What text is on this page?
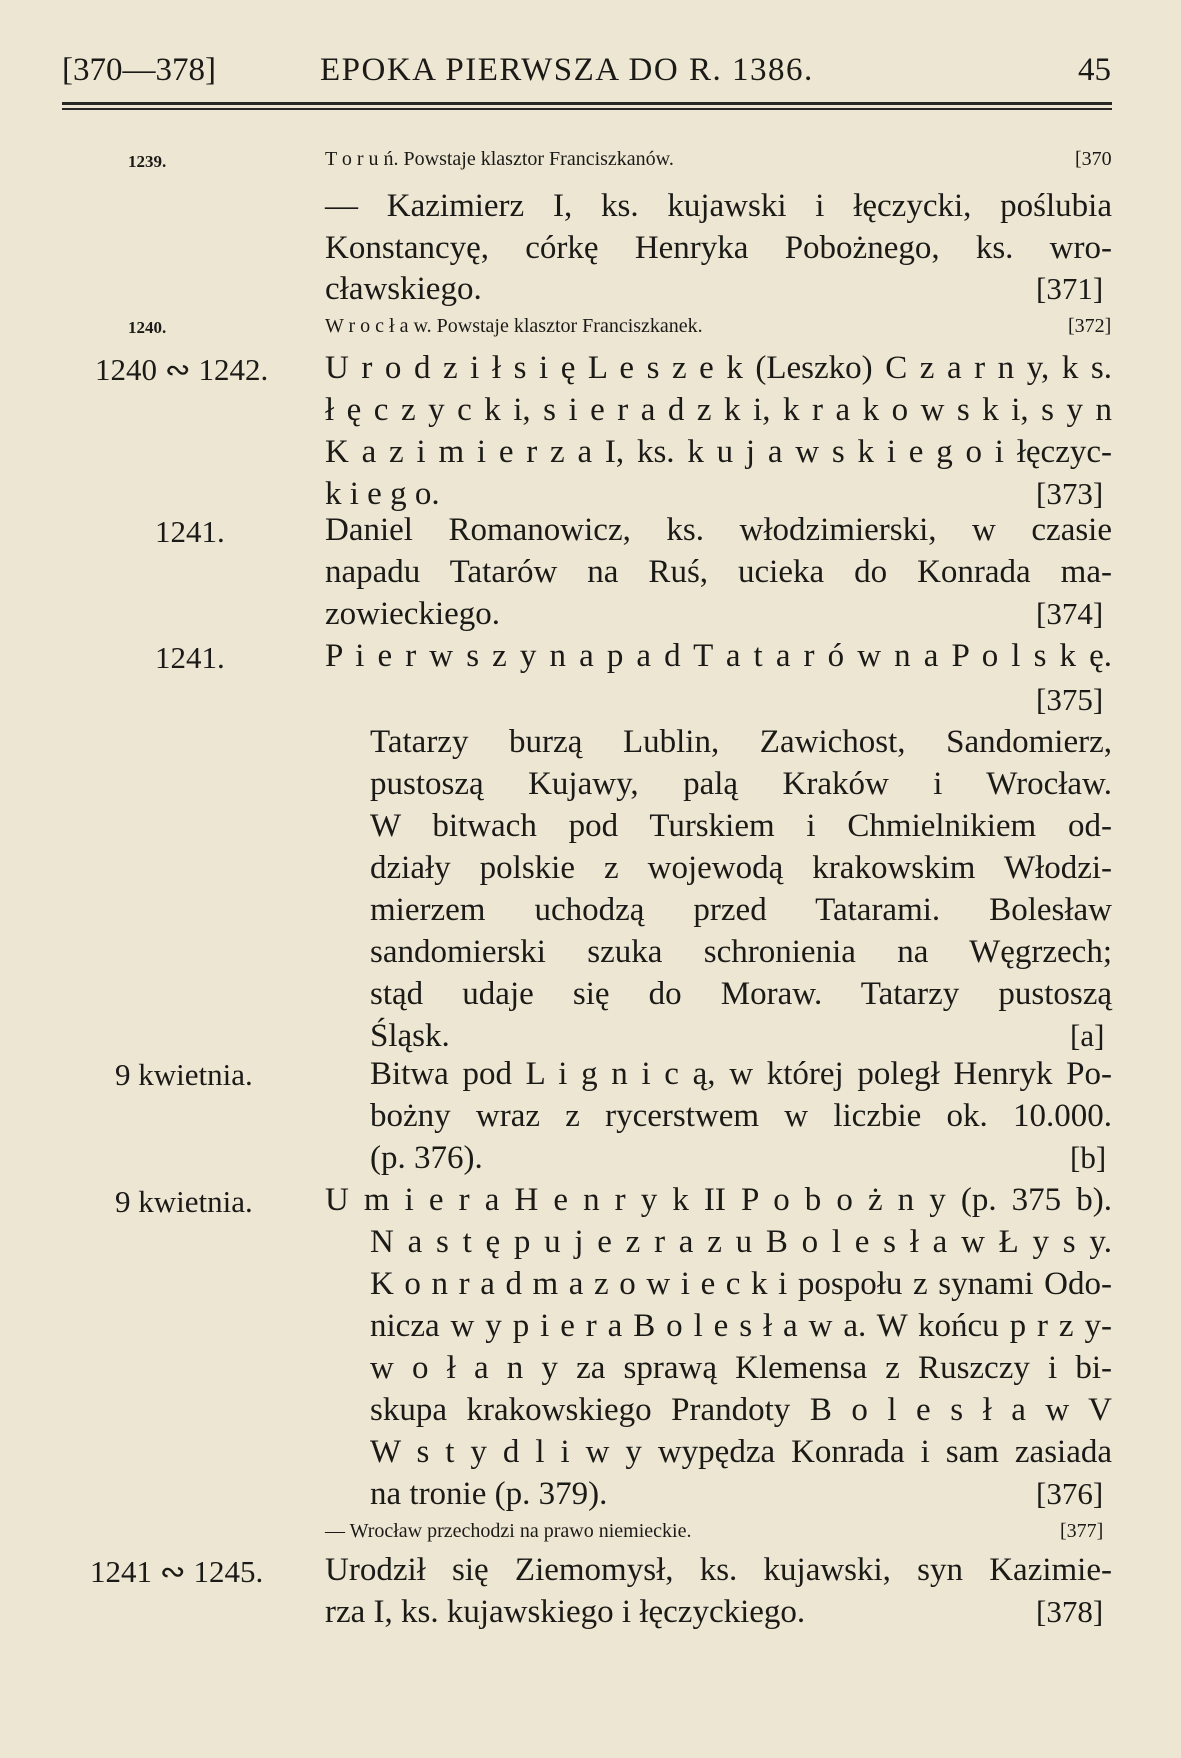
[370—378]	EPOKA PIERWSZA DO R. 1386.	45
1239.	T o r u ń. Powstaje klasztor Franciszkanów.	[370
— Kazimierz I, ks. kujawski i łęczycki, poślubia
Konstancyę, córkę Henryka Pobożnego, ks. wro-
cławskiego.	[371]
1240.	W r o c ł a w. Powstaje klasztor Franciszkanek.	[372]
1240 ∾ 1242. U r o d z i ł s i ę L e s z e k (Leszko) C z a r n y, k s.
ł ę c z y c k i, s i e r a d z k i, k r a k o w s k i, s y n
K a z i m i e r z a I, ks. k u j a w s k i e g o i łęczyc-
k i e g o.	[373]
1241.	Daniel Romanowicz, ks. włodzimierski, w czasie
napadu Tatarów na Ruś, ucieka do Konrada ma-
zowieckiego.	[374]
1241.	P i e r w s z y n a p a d T a t a r ó w n a P o l s k ę.
[375]
Tatarzy burzą Lublin, Zawichost, Sandomierz,
pustoszą Kujawy, palą Kraków i Wrocław.
W bitwach pod Turskiem i Chmielnikiem od-
działy polskie z wojewodą krakowskim Włodzi-
mierzem uchodzą przed Tatarami. Bolesław
sandomierski szuka schronienia na Węgrzech;
stąd udaje się do Moraw. Tatarzy pustoszą
Śląsk.	[a]
9 kwietnia.	Bitwa pod L i g n i c ą, w której poległ Henryk Po-
bożny wraz z rycerstwem w liczbie ok. 10.000.
(p. 376).	[b]
9 kwietnia. U m i e r a H e n r y k II P o b o ż n y (p. 375 b).
N a s t ę p u j e z r a z u B o l e s ł a w Ł y s y.
K o n r a d m a z o w i e c k i pospołu z synami Odo-
nicza w y p i e r a B o l e s ł a w a. W końcu p r z y-
w o ł a n y za sprawą Klemensa z Ruszczy i bi-
skupa krakowskiego Prandoty B o l e s ł a w V
W s t y d l i w y wypędza Konrada i sam zasiada
na tronie (p. 379).	[376]
— Wrocław przechodzi na prawo niemieckie.	[377]
1241 ∾ 1245. Urodził się Ziemomysł, ks. kujawski, syn Kazimie-
rza I, ks. kujawskiego i łęczyckiego.	[378]
